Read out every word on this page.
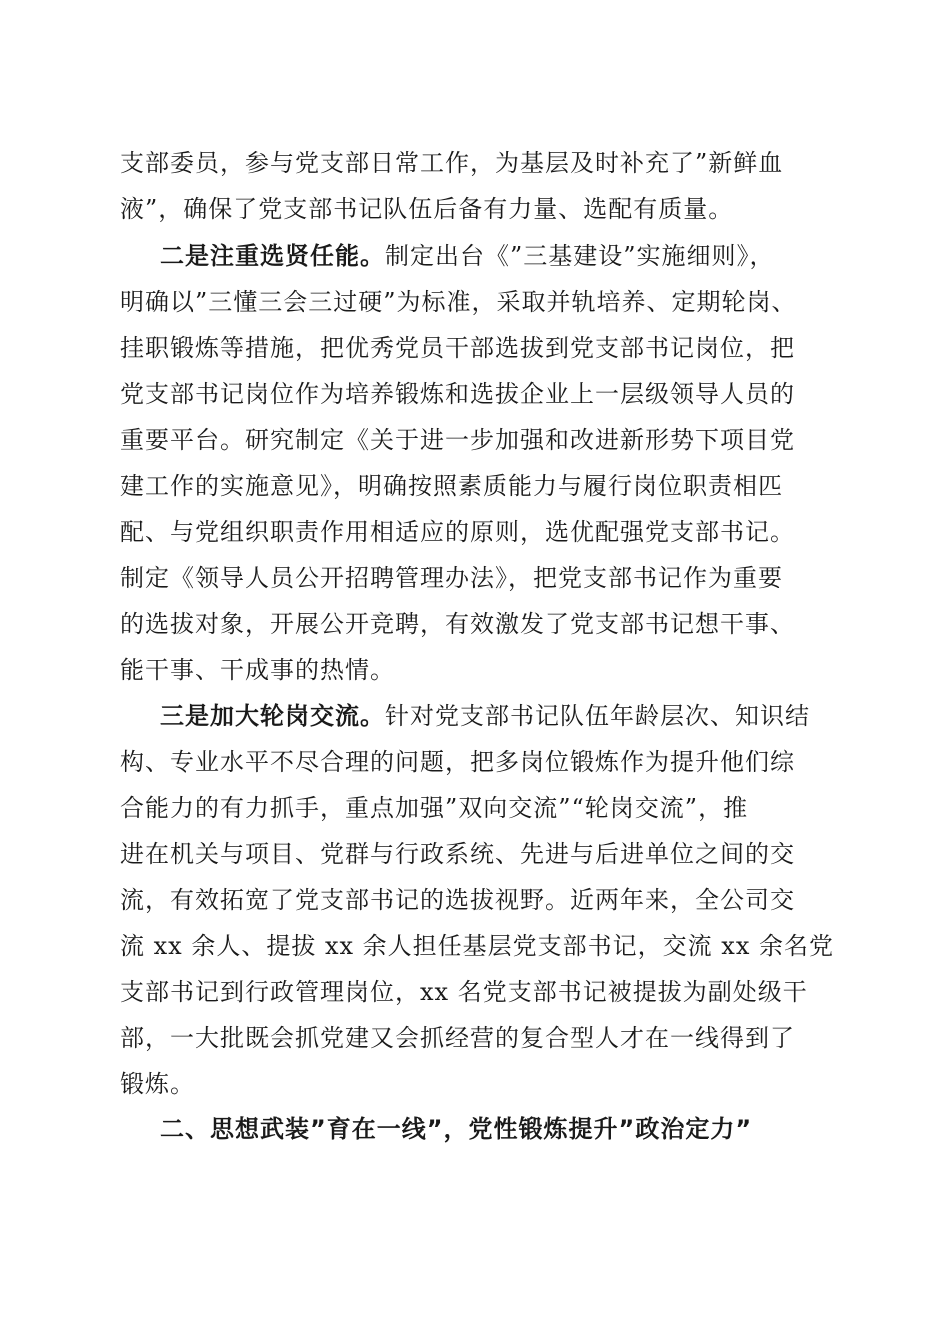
支部委员，参与党支部日常工作，为基层及时补充了”新鲜血
液”，确保了党支部书记队伍后备有力量、选配有质量。
二是注重选贤任能。制定出台《”三基建设”实施细则》，
明确以”三懂三会三过硬”为标准，采取并轨培养、定期轮岗、
挂职锻炼等措施，把优秀党员干部选拔到党支部书记岗位，把
党支部书记岗位作为培养锻炼和选拔企业上一层级领导人员的
重要平台。研究制定《关于进一步加强和改进新形势下项目党
建工作的实施意见》，明确按照素质能力与履行岗位职责相匹
配、与党组织职责作用相适应的原则，选优配强党支部书记。
制定《领导人员公开招聘管理办法》，把党支部书记作为重要
的选拔对象，开展公开竞聘，有效激发了党支部书记想干事、
能干事、干成事的热情。
三是加大轮岗交流。针对党支部书记队伍年龄层次、知识结
构、专业水平不尽合理的问题，把多岗位锻炼作为提升他们综
合能力的有力抓手，重点加强”双向交流”“轮岗交流”，推
进在机关与项目、党群与行政系统、先进与后进单位之间的交
流，有效拓宽了党支部书记的选拔视野。近两年来，全公司交
流 xx 余人、提拔 xx 余人担任基层党支部书记，交流 xx 余名党
支部书记到行政管理岗位，xx 名党支部书记被提拔为副处级干
部，一大批既会抓党建又会抓经营的复合型人才在一线得到了
锻炼。
二、思想武装”育在一线”，党性锻炼提升”政治定力”
